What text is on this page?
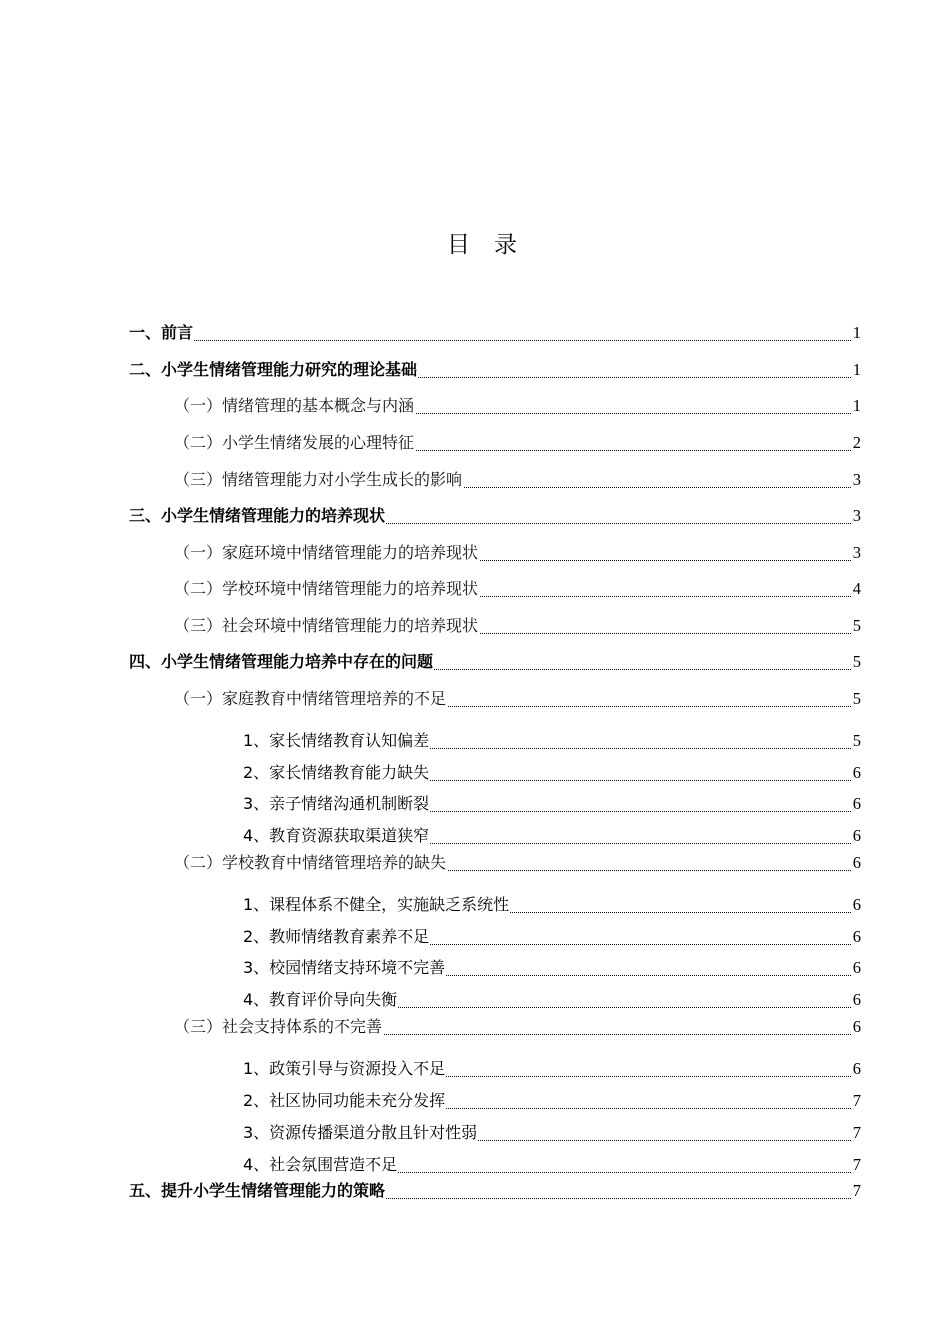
目录
一、前言	1
二、小学生情绪管理能力研究的理论基础	1
（一）情绪管理的基本概念与内涵	1
（二）小学生情绪发展的心理特征	2
（三）情绪管理能力对小学生成长的影响	3
三、小学生情绪管理能力的培养现状	3
（一）家庭环境中情绪管理能力的培养现状	3
（二）学校环境中情绪管理能力的培养现状	4
（三）社会环境中情绪管理能力的培养现状	5
四、小学生情绪管理能力培养中存在的问题	5
（一）家庭教育中情绪管理培养的不足	5
1、家长情绪教育认知偏差	5
2、家长情绪教育能力缺失	6
3、亲子情绪沟通机制断裂	6
4、教育资源获取渠道狭窄	6
（二）学校教育中情绪管理培养的缺失	6
1、课程体系不健全，实施缺乏系统性	6
2、教师情绪教育素养不足	6
3、校园情绪支持环境不完善	6
4、教育评价导向失衡	6
（三）社会支持体系的不完善	6
1、政策引导与资源投入不足	6
2、社区协同功能未充分发挥	7
3、资源传播渠道分散且针对性弱	7
4、社会氛围营造不足	7
五、提升小学生情绪管理能力的策略	7
